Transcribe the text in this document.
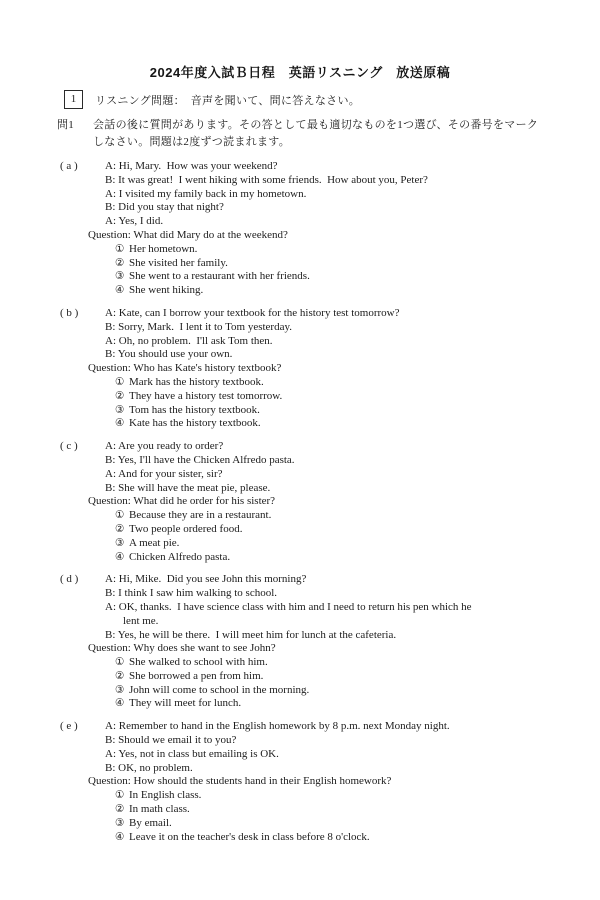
2024年度入試Ｂ日程　英語リスニング　放送原稿
1	リスニング問題：　音声を聞いて、問に答えなさい。
問1 会話の後に質問があります。その答として最も適切なものを1つ選び、その番号をマーク
しなさい。問題は2度ずつ読まれます。
( a ) A: Hi, Mary.  How was your weekend?
B: It was great!  I went hiking with some friends.  How about you, Peter?
A: I visited my family back in my hometown.
B: Did you stay that night?
A: Yes, I did.
Question: What did Mary do at the weekend?
① Her hometown.
② She visited her family.
③ She went to a restaurant with her friends.
④ She went hiking.
( b ) A: Kate, can I borrow your textbook for the history test tomorrow?
B: Sorry, Mark.  I lent it to Tom yesterday.
A: Oh, no problem.  I'll ask Tom then.
B: You should use your own.
Question: Who has Kate's history textbook?
① Mark has the history textbook.
② They have a history test tomorrow.
③ Tom has the history textbook.
④ Kate has the history textbook.
( c ) A: Are you ready to order?
B: Yes, I'll have the Chicken Alfredo pasta.
A: And for your sister, sir?
B: She will have the meat pie, please.
Question: What did he order for his sister?
① Because they are in a restaurant.
② Two people ordered food.
③ A meat pie.
④ Chicken Alfredo pasta.
( d ) A: Hi, Mike.  Did you see John this morning?
B: I think I saw him walking to school.
A: OK, thanks.  I have science class with him and I need to return his pen which he
lent me.
B: Yes, he will be there.  I will meet him for lunch at the cafeteria.
Question: Why does she want to see John?
① She walked to school with him.
② She borrowed a pen from him.
③ John will come to school in the morning.
④ They will meet for lunch.
( e ) A: Remember to hand in the English homework by 8 p.m. next Monday night.
B: Should we email it to you?
A: Yes, not in class but emailing is OK.
B: OK, no problem.
Question: How should the students hand in their English homework?
① In English class.
② In math class.
③ By email.
④ Leave it on the teacher's desk in class before 8 o'clock.
